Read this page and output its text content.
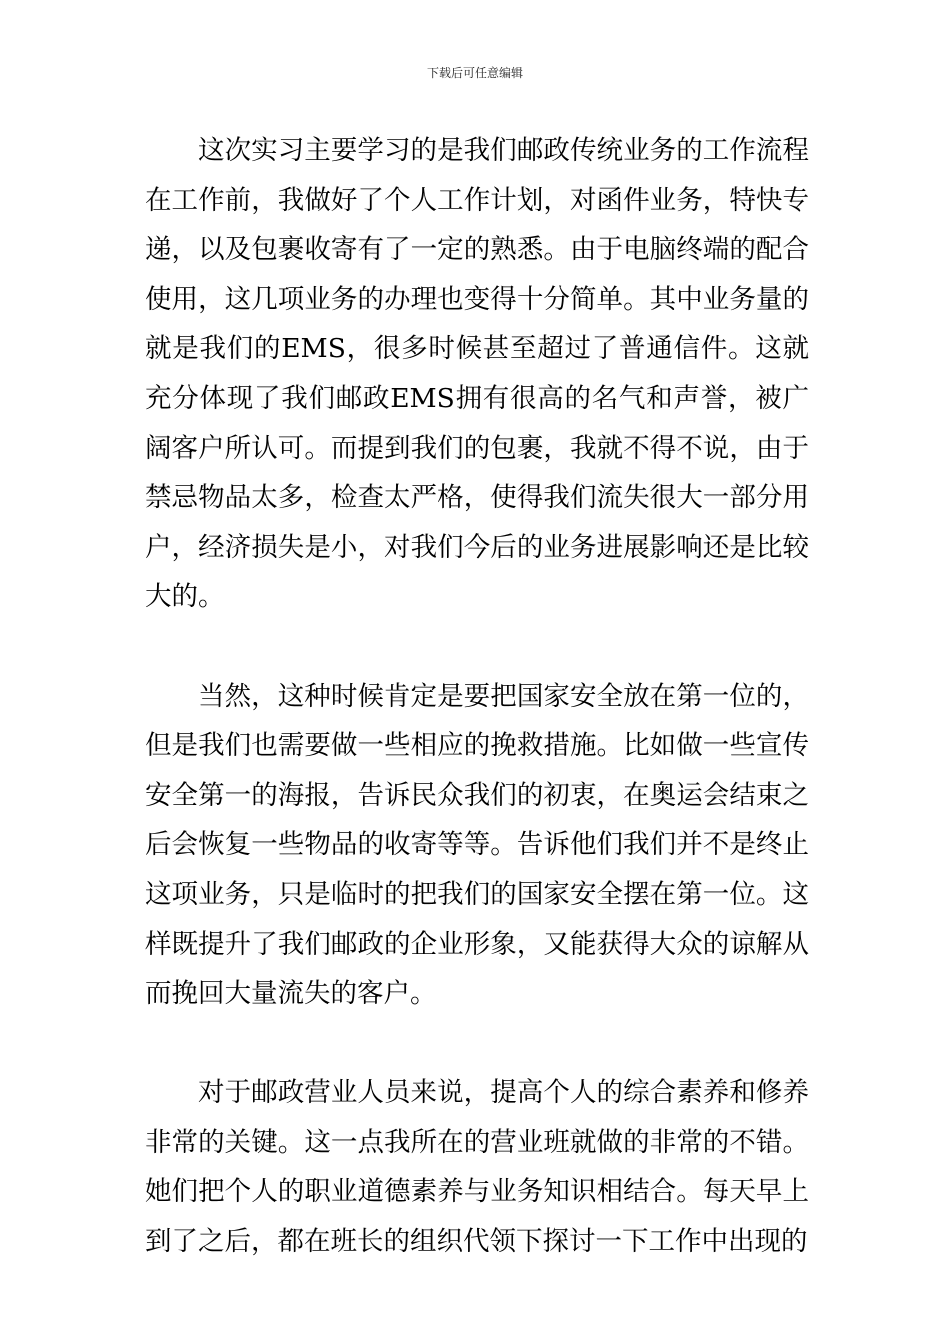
下载后可任意编辑

这次实习主要学习的是我们邮政传统业务的工作流程在工作前，我做好了个人工作计划，对函件业务，特快专递，以及包裹收寄有了一定的熟悉。由于电脑终端的配合使用，这几项业务的办理也变得十分简单。其中业务量的就是我们的EMS，很多时候甚至超过了普通信件。这就充分体现了我们邮政EMS拥有很高的名气和声誉，被广阔客户所认可。而提到我们的包裹，我就不得不说，由于禁忌物品太多，检查太严格，使得我们流失很大一部分用户，经济损失是小，对我们今后的业务进展影响还是比较大的。

当然，这种时候肯定是要把国家安全放在第一位的，但是我们也需要做一些相应的挽救措施。比如做一些宣传安全第一的海报，告诉民众我们的初衷，在奥运会结束之后会恢复一些物品的收寄等等。告诉他们我们并不是终止这项业务，只是临时的把我们的国家安全摆在第一位。这样既提升了我们邮政的企业形象，又能获得大众的谅解从而挽回大量流失的客户。

对于邮政营业人员来说，提高个人的综合素养和修养非常的关键。这一点我所在的营业班就做的非常的不错。她们把个人的职业道德素养与业务知识相结合。每天早上到了之后，都在班长的组织代领下探讨一下工作中出现的
